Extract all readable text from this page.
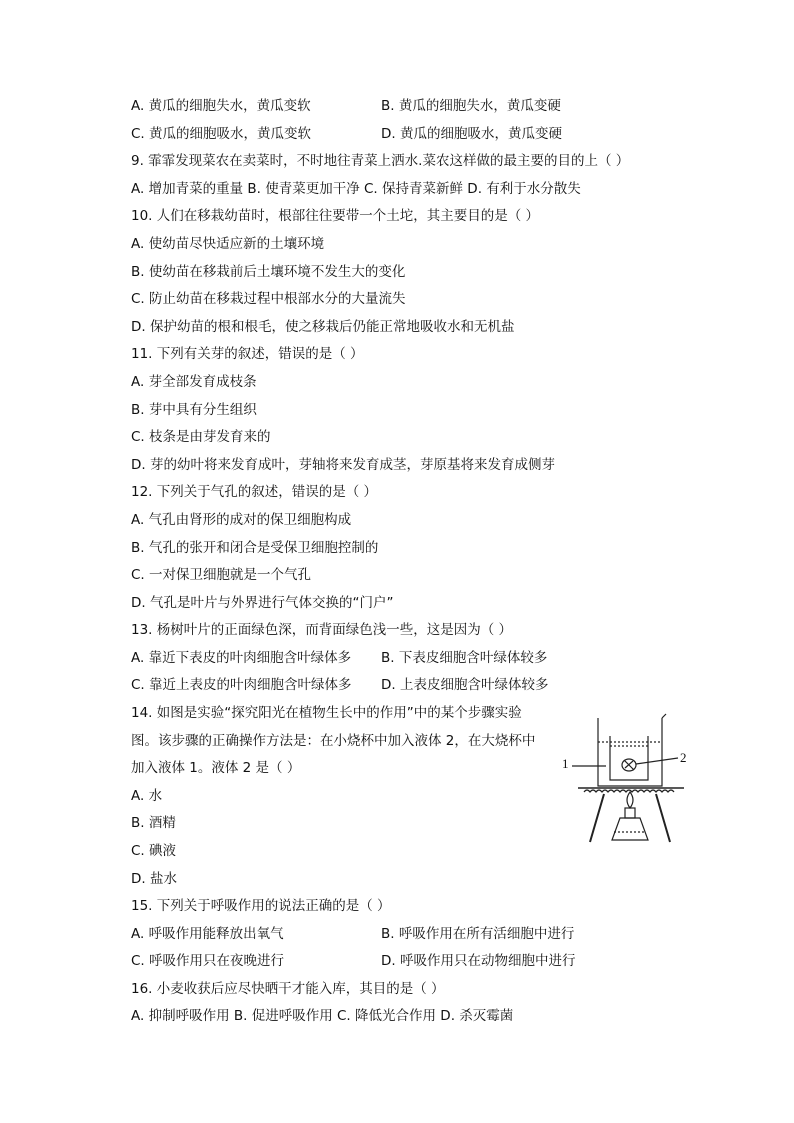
A. 黄瓜的细胞失水，黄瓜变软	B. 黄瓜的细胞失水，黄瓜变硬
C. 黄瓜的细胞吸水，黄瓜变软	D. 黄瓜的细胞吸水，黄瓜变硬
9. 霏霏发现菜农在卖菜时，不时地往青菜上洒水.菜农这样做的最主要的目的上（ ）
A. 增加青菜的重量 B. 使青菜更加干净 C. 保持青菜新鲜 D. 有利于水分散失
10. 人们在移栽幼苗时，根部往往要带一个土坨，其主要目的是（ ）
A. 使幼苗尽快适应新的土壤环境
B. 使幼苗在移栽前后土壤环境不发生大的变化
C. 防止幼苗在移栽过程中根部水分的大量流失
D. 保护幼苗的根和根毛，使之移栽后仍能正常地吸收水和无机盐
11. 下列有关芽的叙述，错误的是（ ）
A. 芽全部发育成枝条
B. 芽中具有分生组织
C. 枝条是由芽发育来的
D. 芽的幼叶将来发育成叶，芽轴将来发育成茎，芽原基将来发育成侧芽
12. 下列关于气孔的叙述，错误的是（ ）
A. 气孔由肾形的成对的保卫细胞构成
B. 气孔的张开和闭合是受保卫细胞控制的
C. 一对保卫细胞就是一个气孔
D. 气孔是叶片与外界进行气体交换的“门户”
13. 杨树叶片的正面绿色深，而背面绿色浅一些，这是因为（ ）
A. 靠近下表皮的叶肉细胞含叶绿体多 B. 下表皮细胞含叶绿体较多
C. 靠近上表皮的叶肉细胞含叶绿体多 D. 上表皮细胞含叶绿体较多
14. 如图是实验“探究阳光在植物生长中的作用”中的某个步骤实验
图。该步骤的正确操作方法是：在小烧杯中加入液体 2，在大烧杯中
加入液体 1。液体 2 是（ ）
A. 水
B. 酒精
C. 碘液
D. 盐水
1	2
15. 下列关于呼吸作用的说法正确的是（ ）
A. 呼吸作用能释放出氧气	B. 呼吸作用在所有活细胞中进行
C. 呼吸作用只在夜晚进行	D. 呼吸作用只在动物细胞中进行
16. 小麦收获后应尽快晒干才能入库，其目的是（ ）
A. 抑制呼吸作用 B. 促进呼吸作用 C. 降低光合作用 D. 杀灭霉菌
